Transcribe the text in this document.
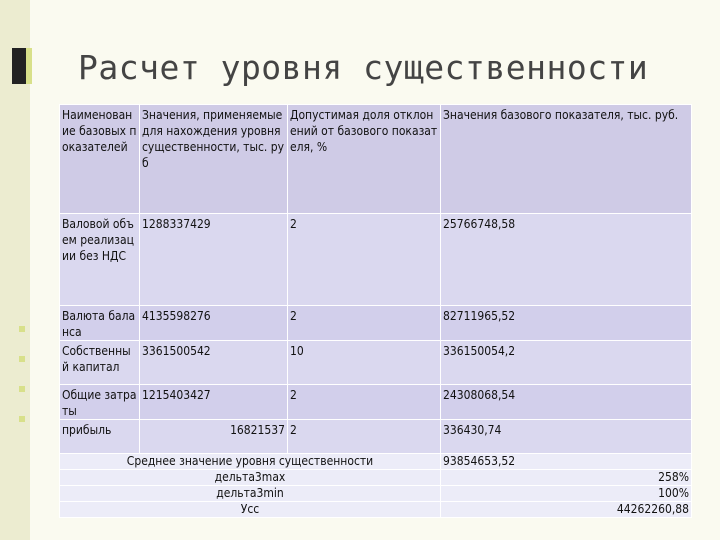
Расчет уровня существенности
Наименование базовых показателей	Значения, применяемые для нахождения уровня существенности, тыс. руб	Допустимая доля отклонений от базового показателя, %	Значения базового показателя, тыс. руб.
Валовой объем реализации без НДС	1288337429	2	25766748,58
Валюта баланса	4135598276	2	82711965,52
Собственный капитал	3361500542	10	336150054,2
Общие затраты	1215403427	2	24308068,54
прибыль	16821537	2	336430,74
Среднее значение уровня существенности			93854653,52
дельта3max			258%
дельта3min			100%
Усс			44262260,88
